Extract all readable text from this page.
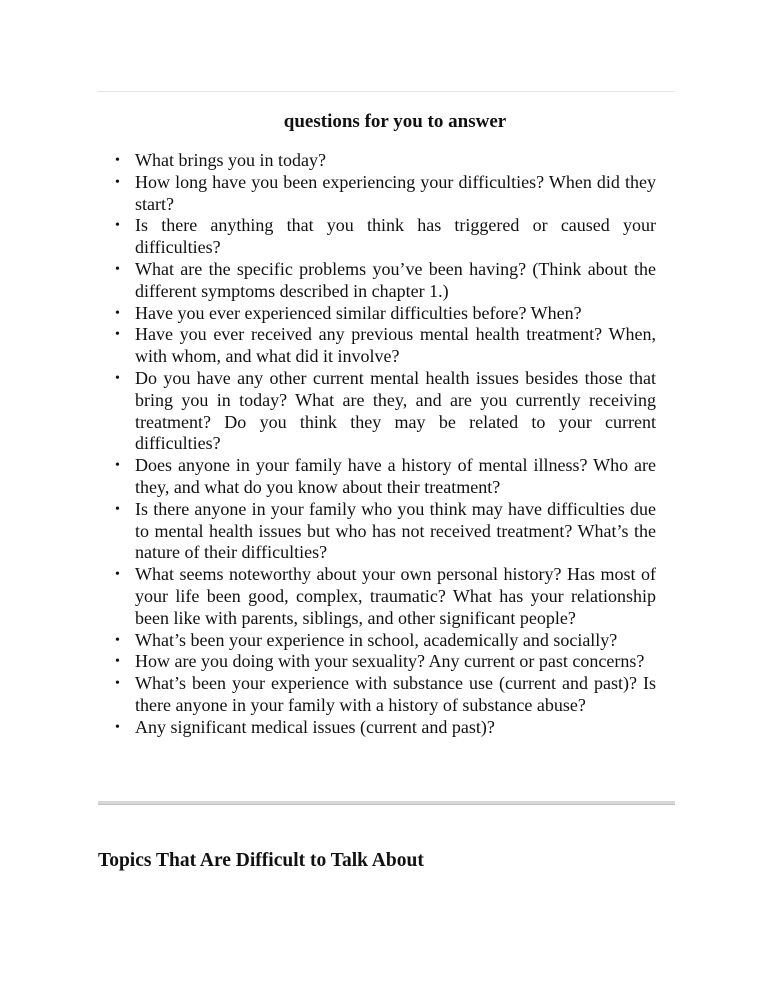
questions for you to answer
• What brings you in today?
• How long have you been experiencing your difficulties? When did they start?
• Is there anything that you think has triggered or caused your difficulties?
• What are the specific problems you’ve been having? (Think about the different symptoms described in chapter 1.)
• Have you ever experienced similar difficulties before? When?
• Have you ever received any previous mental health treatment? When, with whom, and what did it involve?
• Do you have any other current mental health issues besides those that bring you in today? What are they, and are you currently receiving treatment? Do you think they may be related to your current difficulties?
• Does anyone in your family have a history of mental illness? Who are they, and what do you know about their treatment?
• Is there anyone in your family who you think may have difficulties due to mental health issues but who has not received treatment? What’s the nature of their difficulties?
• What seems noteworthy about your own personal history? Has most of your life been good, complex, traumatic? What has your relationship been like with parents, siblings, and other significant people?
• What’s been your experience in school, academically and socially?
• How are you doing with your sexuality? Any current or past concerns?
• What’s been your experience with substance use (current and past)? Is there anyone in your family with a history of substance abuse?
• Any significant medical issues (current and past)?
Topics That Are Difficult to Talk About
